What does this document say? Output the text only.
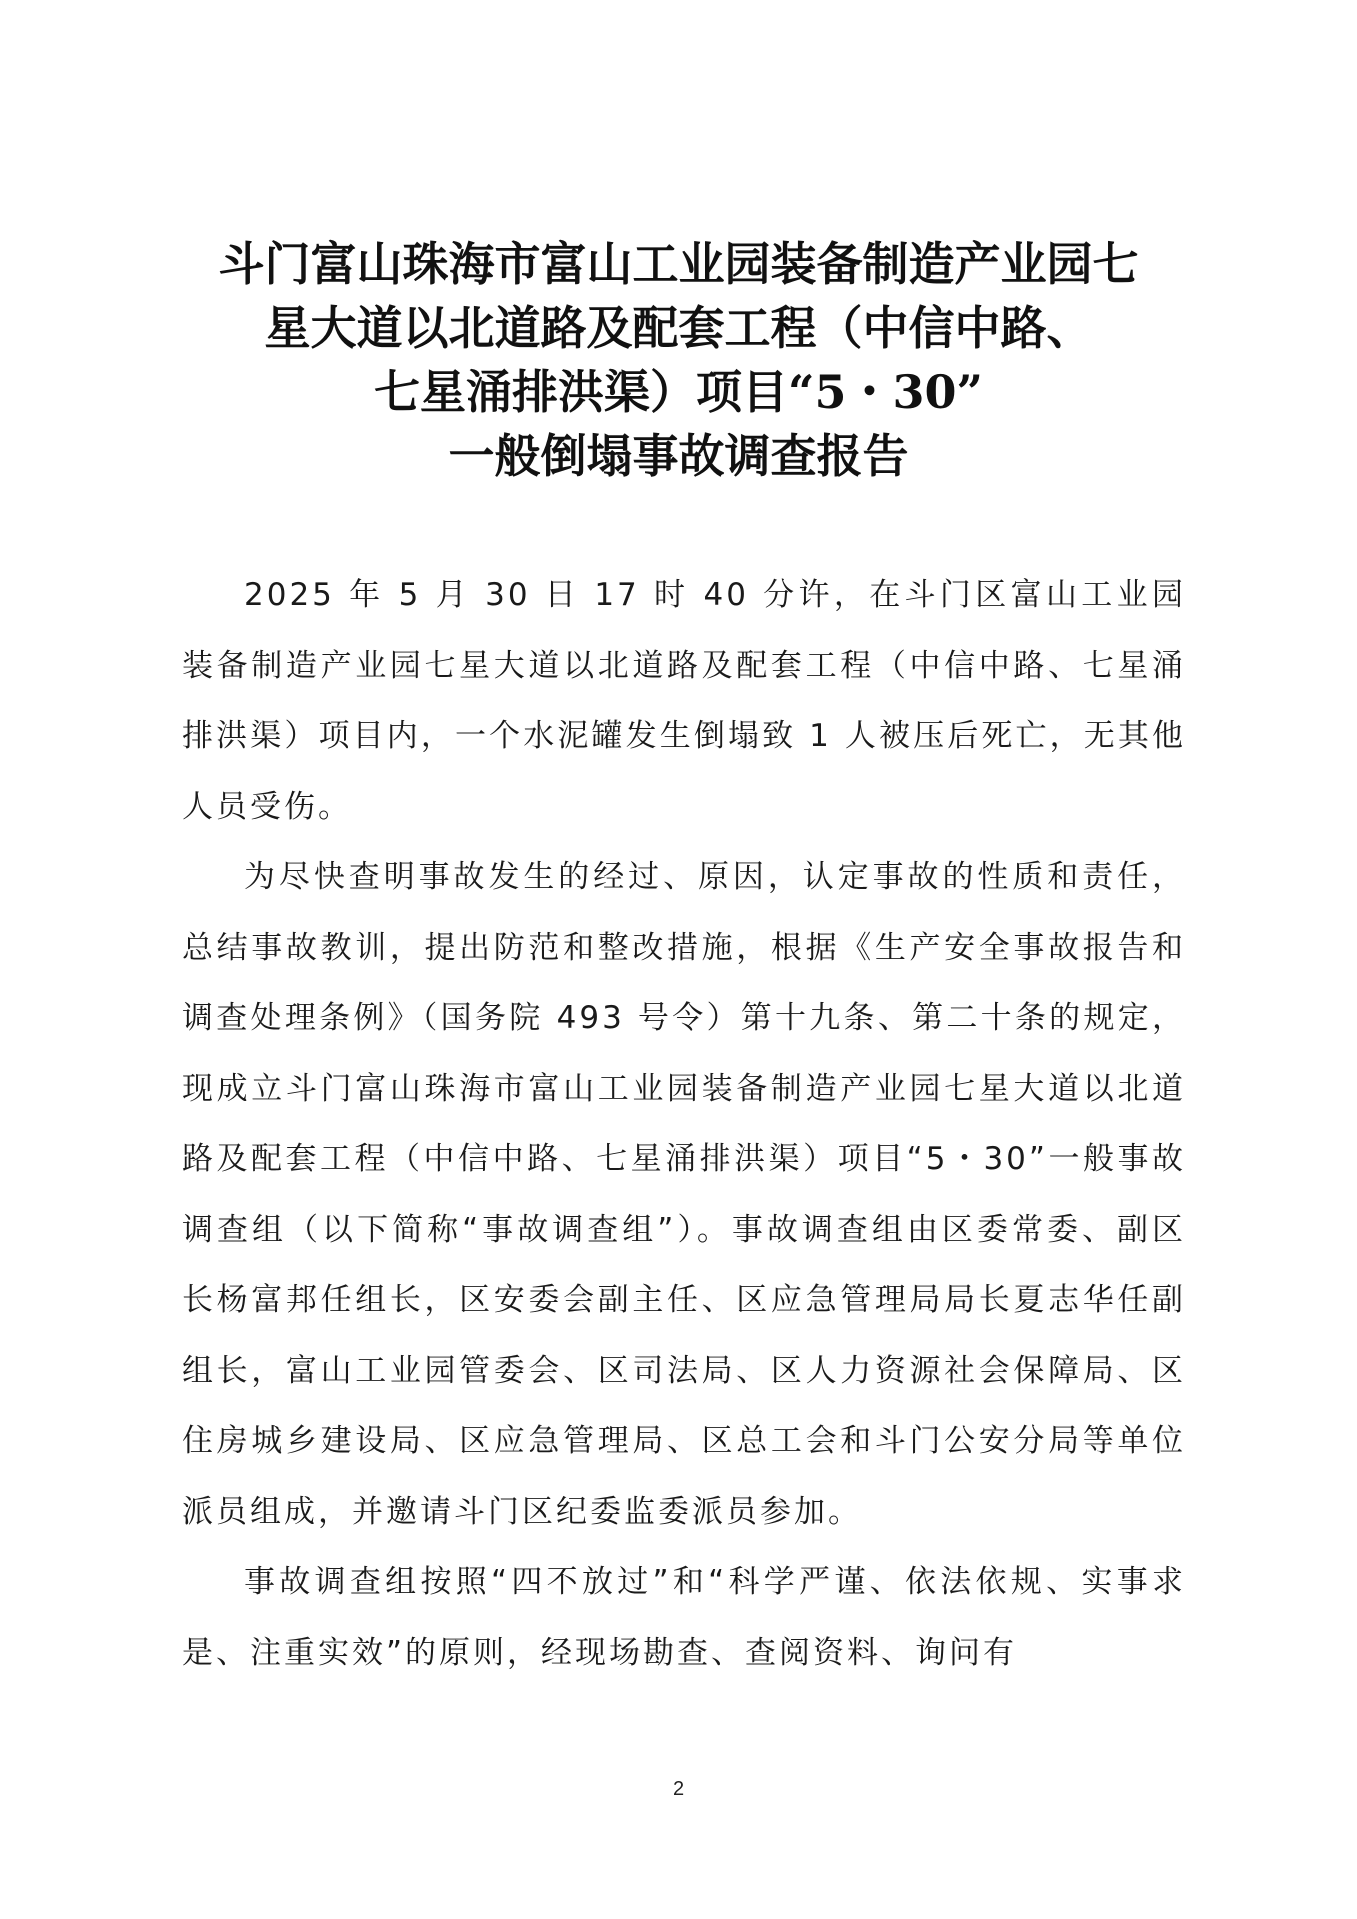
斗门富山珠海市富山工业园装备制造产业园七
星大道以北道路及配套工程（中信中路、
七星涌排洪渠）项目“5・30”
一般倒塌事故调查报告

2025 年 5 月 30 日 17 时 40 分许，在斗门区富山工业园装备制造产业园七星大道以北道路及配套工程（中信中路、七星涌排洪渠）项目内，一个水泥罐发生倒塌致 1 人被压后死亡，无其他人员受伤。

为尽快查明事故发生的经过、原因，认定事故的性质和责任，总结事故教训，提出防范和整改措施，根据《生产安全事故报告和调查处理条例》（国务院 493 号令）第十九条、第二十条的规定，现成立斗门富山珠海市富山工业园装备制造产业园七星大道以北道路及配套工程（中信中路、七星涌排洪渠）项目“5・30”一般事故调查组（以下简称“事故调查组”）。事故调查组由区委常委、副区长杨富邦任组长，区安委会副主任、区应急管理局局长夏志华任副组长，富山工业园管委会、区司法局、区人力资源社会保障局、区住房城乡建设局、区应急管理局、区总工会和斗门公安分局等单位派员组成，并邀请斗门区纪委监委派员参加。

事故调查组按照“四不放过”和“科学严谨、依法依规、实事求是、注重实效”的原则，经现场勘查、查阅资料、询问有

2
